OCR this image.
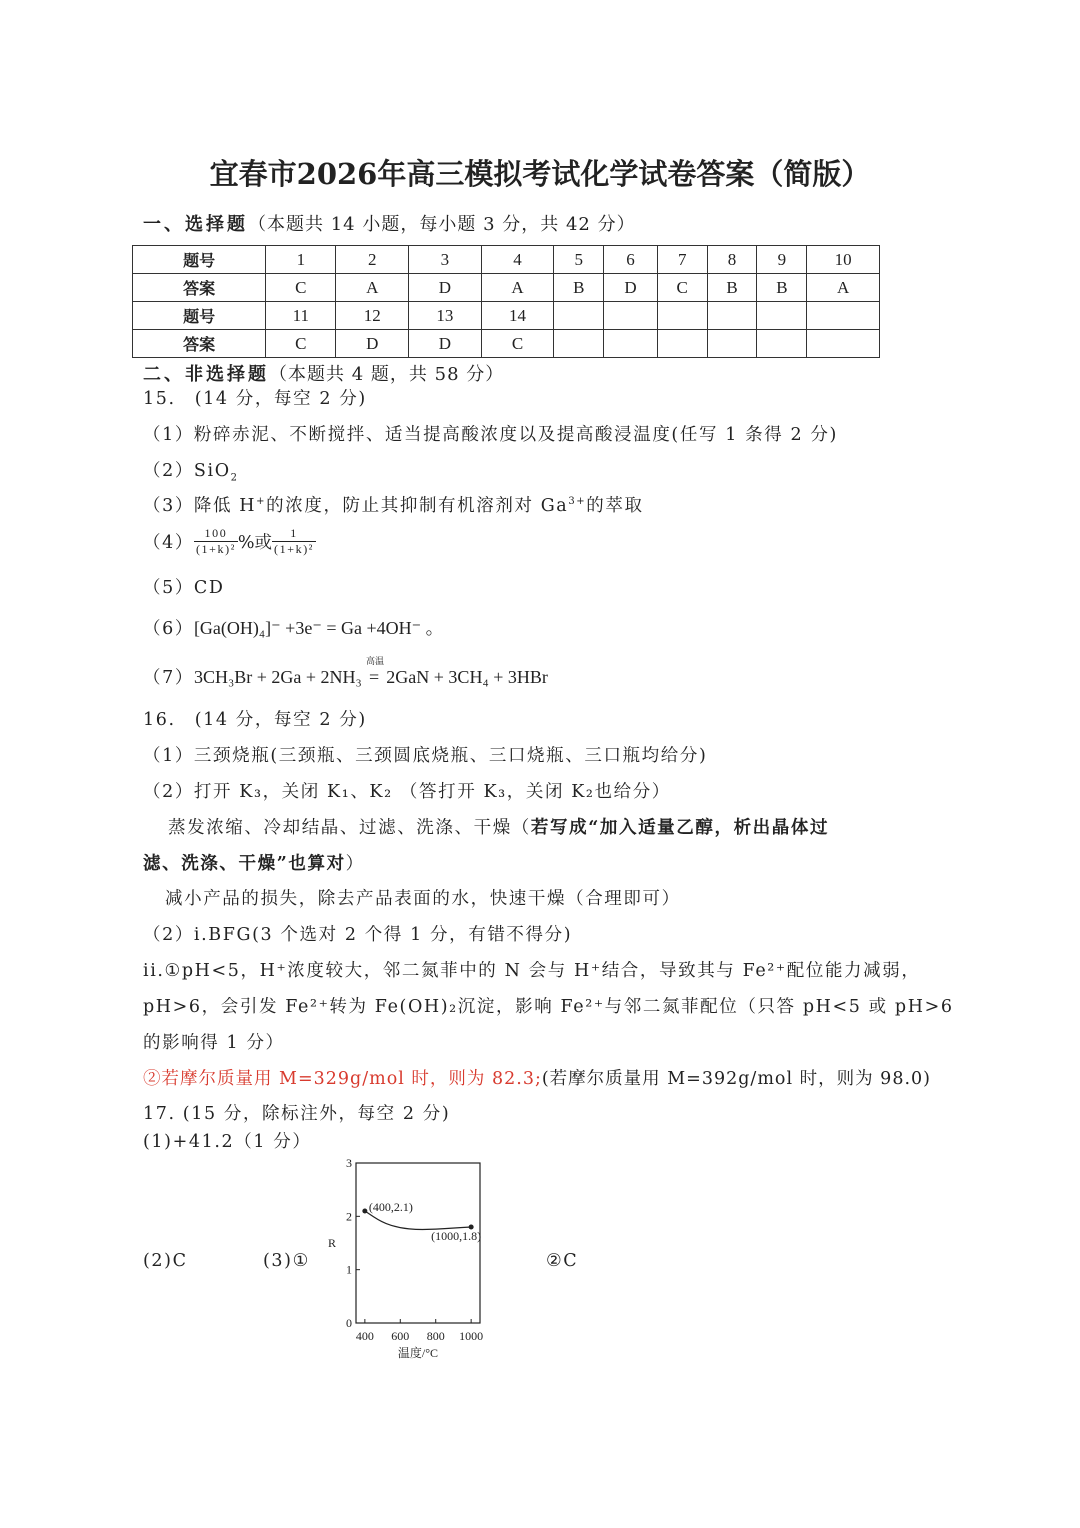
宜春市2026年高三模拟考试化学试卷答案（简版）
一、选择题（本题共 14 小题，每小题 3 分，共 42 分）
题号	1	2	3	4	5	6	7	8	9	10
答案	C	A	D	A	B	D	C	B	B	A
题号	11	12	13	14						
答案	C	D	D	C						
二、非选择题（本题共 4 题，共 58 分）
15.　(14 分，每空 2 分)
（1）粉碎赤泥、不断搅拌、适当提高酸浓度以及提高酸浸温度(任写 1 条得 2 分)
（2）SiO$_2$
（3）降低 H+的浓度，防止其抑制有机溶剂对 $Ga^{3+}$的萃取
$(4) \frac{100}{\text{(1+k)²}}$ %或 $\frac{1}{\text{(1+k)²}}$
（5）CD
（6）[Ga(OH)₄]⁻ +3e⁻ = Ga +4OH⁻ 。
（7）3CH₃Br + 2Ga + 2NH₃
高温
= 2GaN + 3CH₄ + 3HBr
16.　(14 分，每空 2 分)
（1）三颈烧瓶(三颈瓶、三颈圆底烧瓶、三口烧瓶、三口瓶均给分)
（2）打开 K₃，关闭 K₁、K₂ （答打开 K₃，关闭 K₂也给分）
蒸发浓缩、冷却结晶、过滤、洗涤、干燥（若写成“加入适量乙醇，析出晶体过
滤、洗涤、干燥”也算对）
减小产品的损失，除去产品表面的水，快速干燥（合理即可）
（2）i.BFG(3 个选对 2 个得 1 分，有错不得分)
ii.①pH<5，H⁺浓度较大，邻二氮菲中的 N 会与 H⁺结合，导致其与 Fe²⁺配位能力减弱，
pH>6，会引发 Fe²⁺转为 Fe(OH)₂沉淀，影响 Fe²⁺与邻二氮菲配位（只答 pH<5 或 pH>6
的影响得 1 分）
②若摩尔质量用 M=329g/mol 时，则为 82.3;(若摩尔质量用 M=392g/mol 时，则为 98.0)
17. (15 分，除标注外，每空 2 分)
(1)+41.2（1 分）
(2)C	(3)①	②C
0
1
2
3
400 600 800 1000
温度/°C
R
(400,2.1)
(1000,1.8)
